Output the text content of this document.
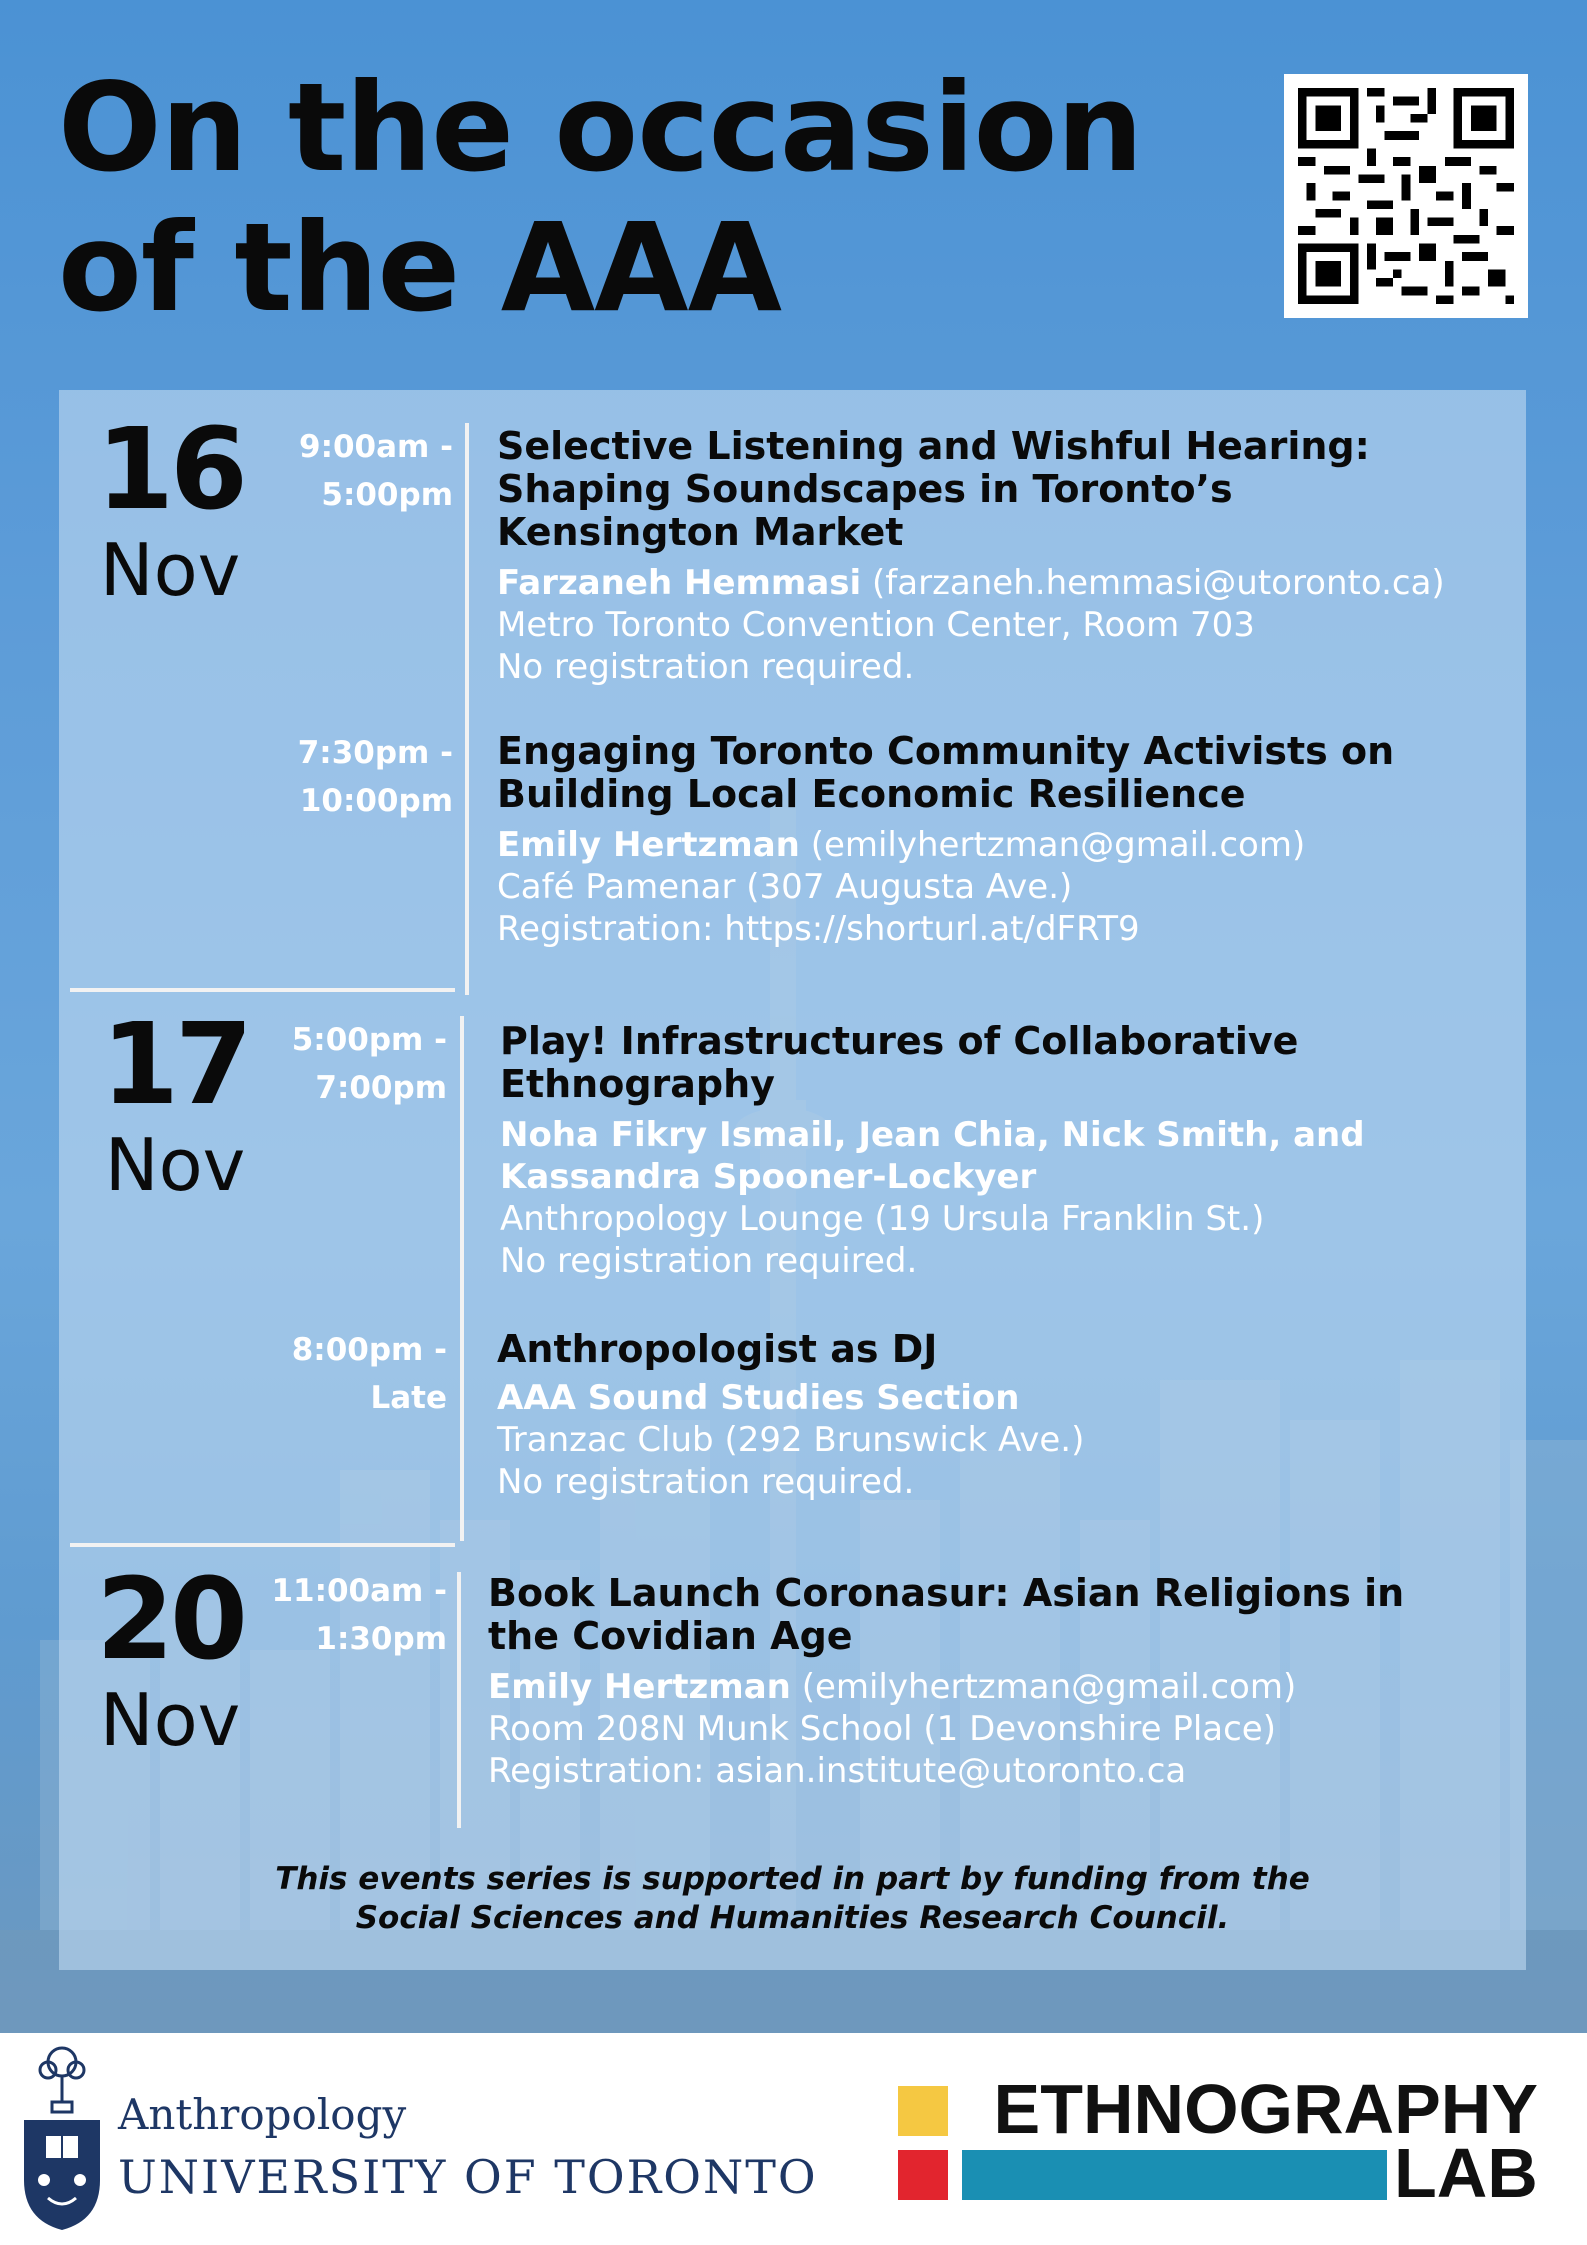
On the occasion
of the AAA
16
Nov
9:00am -
5:00pm
Selective Listening and Wishful Hearing:
Shaping Soundscapes in Toronto’s
Kensington Market
Farzaneh Hemmasi (farzaneh.hemmasi@utoronto.ca)
Metro Toronto Convention Center, Room 703
No registration required.
7:30pm -
10:00pm
Engaging Toronto Community Activists on
Building Local Economic Resilience
Emily Hertzman (emilyhertzman@gmail.com)
Café Pamenar (307 Augusta Ave.)
Registration: https://shorturl.at/dFRT9
17
Nov
5:00pm -
7:00pm
Play! Infrastructures of Collaborative
Ethnography
Noha Fikry Ismail, Jean Chia, Nick Smith, and
Kassandra Spooner-Lockyer
Anthropology Lounge (19 Ursula Franklin St.)
No registration required.
8:00pm -
Late
Anthropologist as DJ
AAA Sound Studies Section
Tranzac Club (292 Brunswick Ave.)
No registration required.
20
Nov
11:00am -
1:30pm
Book Launch Coronasur: Asian Religions in
the Covidian Age
Emily Hertzman (emilyhertzman@gmail.com)
Room 208N Munk School (1 Devonshire Place)
Registration: asian.institute@utoronto.ca
This events series is supported in part by funding from the
Social Sciences and Humanities Research Council.
Anthropology
UNIVERSITY OF TORONTO
ETHNOGRAPHY
LAB
